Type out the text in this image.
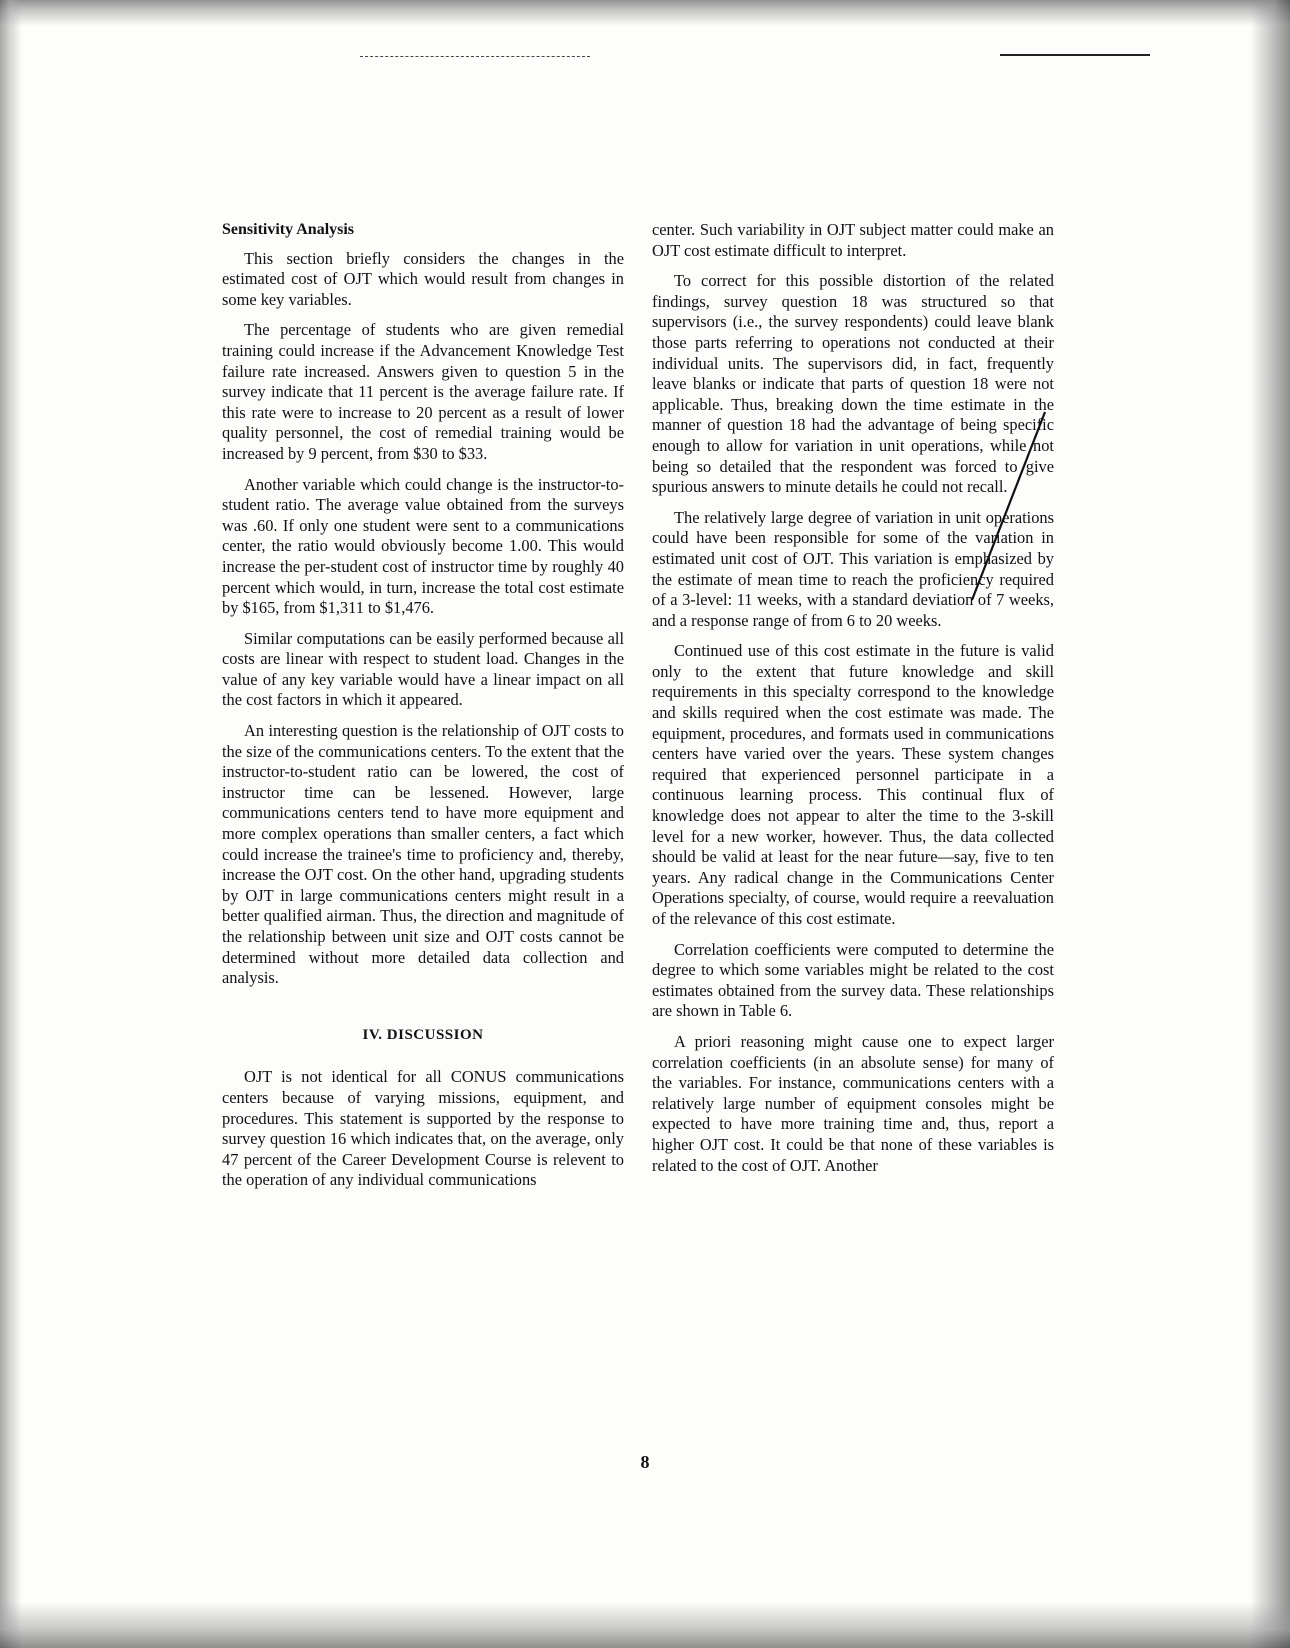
Sensitivity Analysis

This section briefly considers the changes in the estimated cost of OJT which would result from changes in some key variables.

The percentage of students who are given remedial training could increase if the Advancement Knowledge Test failure rate increased. Answers given to question 5 in the survey indicate that 11 percent is the average failure rate. If this rate were to increase to 20 percent as a result of lower quality personnel, the cost of remedial training would be increased by 9 percent, from $30 to $33.

Another variable which could change is the instructor-to-student ratio. The average value obtained from the surveys was .60. If only one student were sent to a communications center, the ratio would obviously become 1.00. This would increase the per-student cost of instructor time by roughly 40 percent which would, in turn, increase the total cost estimate by $165, from $1,311 to $1,476.

Similar computations can be easily performed because all costs are linear with respect to student load. Changes in the value of any key variable would have a linear impact on all the cost factors in which it appeared.

An interesting question is the relationship of OJT costs to the size of the communications centers. To the extent that the instructor-to-student ratio can be lowered, the cost of instructor time can be lessened. However, large communications centers tend to have more equipment and more complex operations than smaller centers, a fact which could increase the trainee's time to proficiency and, thereby, increase the OJT cost. On the other hand, upgrading students by OJT in large communications centers might result in a better qualified airman. Thus, the direction and magnitude of the relationship between unit size and OJT costs cannot be determined without more detailed data collection and analysis.

IV. DISCUSSION

OJT is not identical for all CONUS communications centers because of varying missions, equipment, and procedures. This statement is supported by the response to survey question 16 which indicates that, on the average, only 47 percent of the Career Development Course is relevent to the operation of any individual communications

center. Such variability in OJT subject matter could make an OJT cost estimate difficult to interpret.

To correct for this possible distortion of the related findings, survey question 18 was structured so that supervisors (i.e., the survey respondents) could leave blank those parts referring to operations not conducted at their individual units. The supervisors did, in fact, frequently leave blanks or indicate that parts of question 18 were not applicable. Thus, breaking down the time estimate in the manner of question 18 had the advantage of being specific enough to allow for variation in unit operations, while not being so detailed that the respondent was forced to give spurious answers to minute details he could not recall.

The relatively large degree of variation in unit operations could have been responsible for some of the variation in estimated unit cost of OJT. This variation is emphasized by the estimate of mean time to reach the proficiency required of a 3-level: 11 weeks, with a standard deviation of 7 weeks, and a response range of from 6 to 20 weeks.

Continued use of this cost estimate in the future is valid only to the extent that future knowledge and skill requirements in this specialty correspond to the knowledge and skills required when the cost estimate was made. The equipment, procedures, and formats used in communications centers have varied over the years. These system changes required that experienced personnel participate in a continuous learning process. This continual flux of knowledge does not appear to alter the time to the 3-skill level for a new worker, however. Thus, the data collected should be valid at least for the near future—say, five to ten years. Any radical change in the Communications Center Operations specialty, of course, would require a reevaluation of the relevance of this cost estimate.

Correlation coefficients were computed to determine the degree to which some variables might be related to the cost estimates obtained from the survey data. These relationships are shown in Table 6.

A priori reasoning might cause one to expect larger correlation coefficients (in an absolute sense) for many of the variables. For instance, communications centers with a relatively large number of equipment consoles might be expected to have more training time and, thus, report a higher OJT cost. It could be that none of these variables is related to the cost of OJT. Another

8
